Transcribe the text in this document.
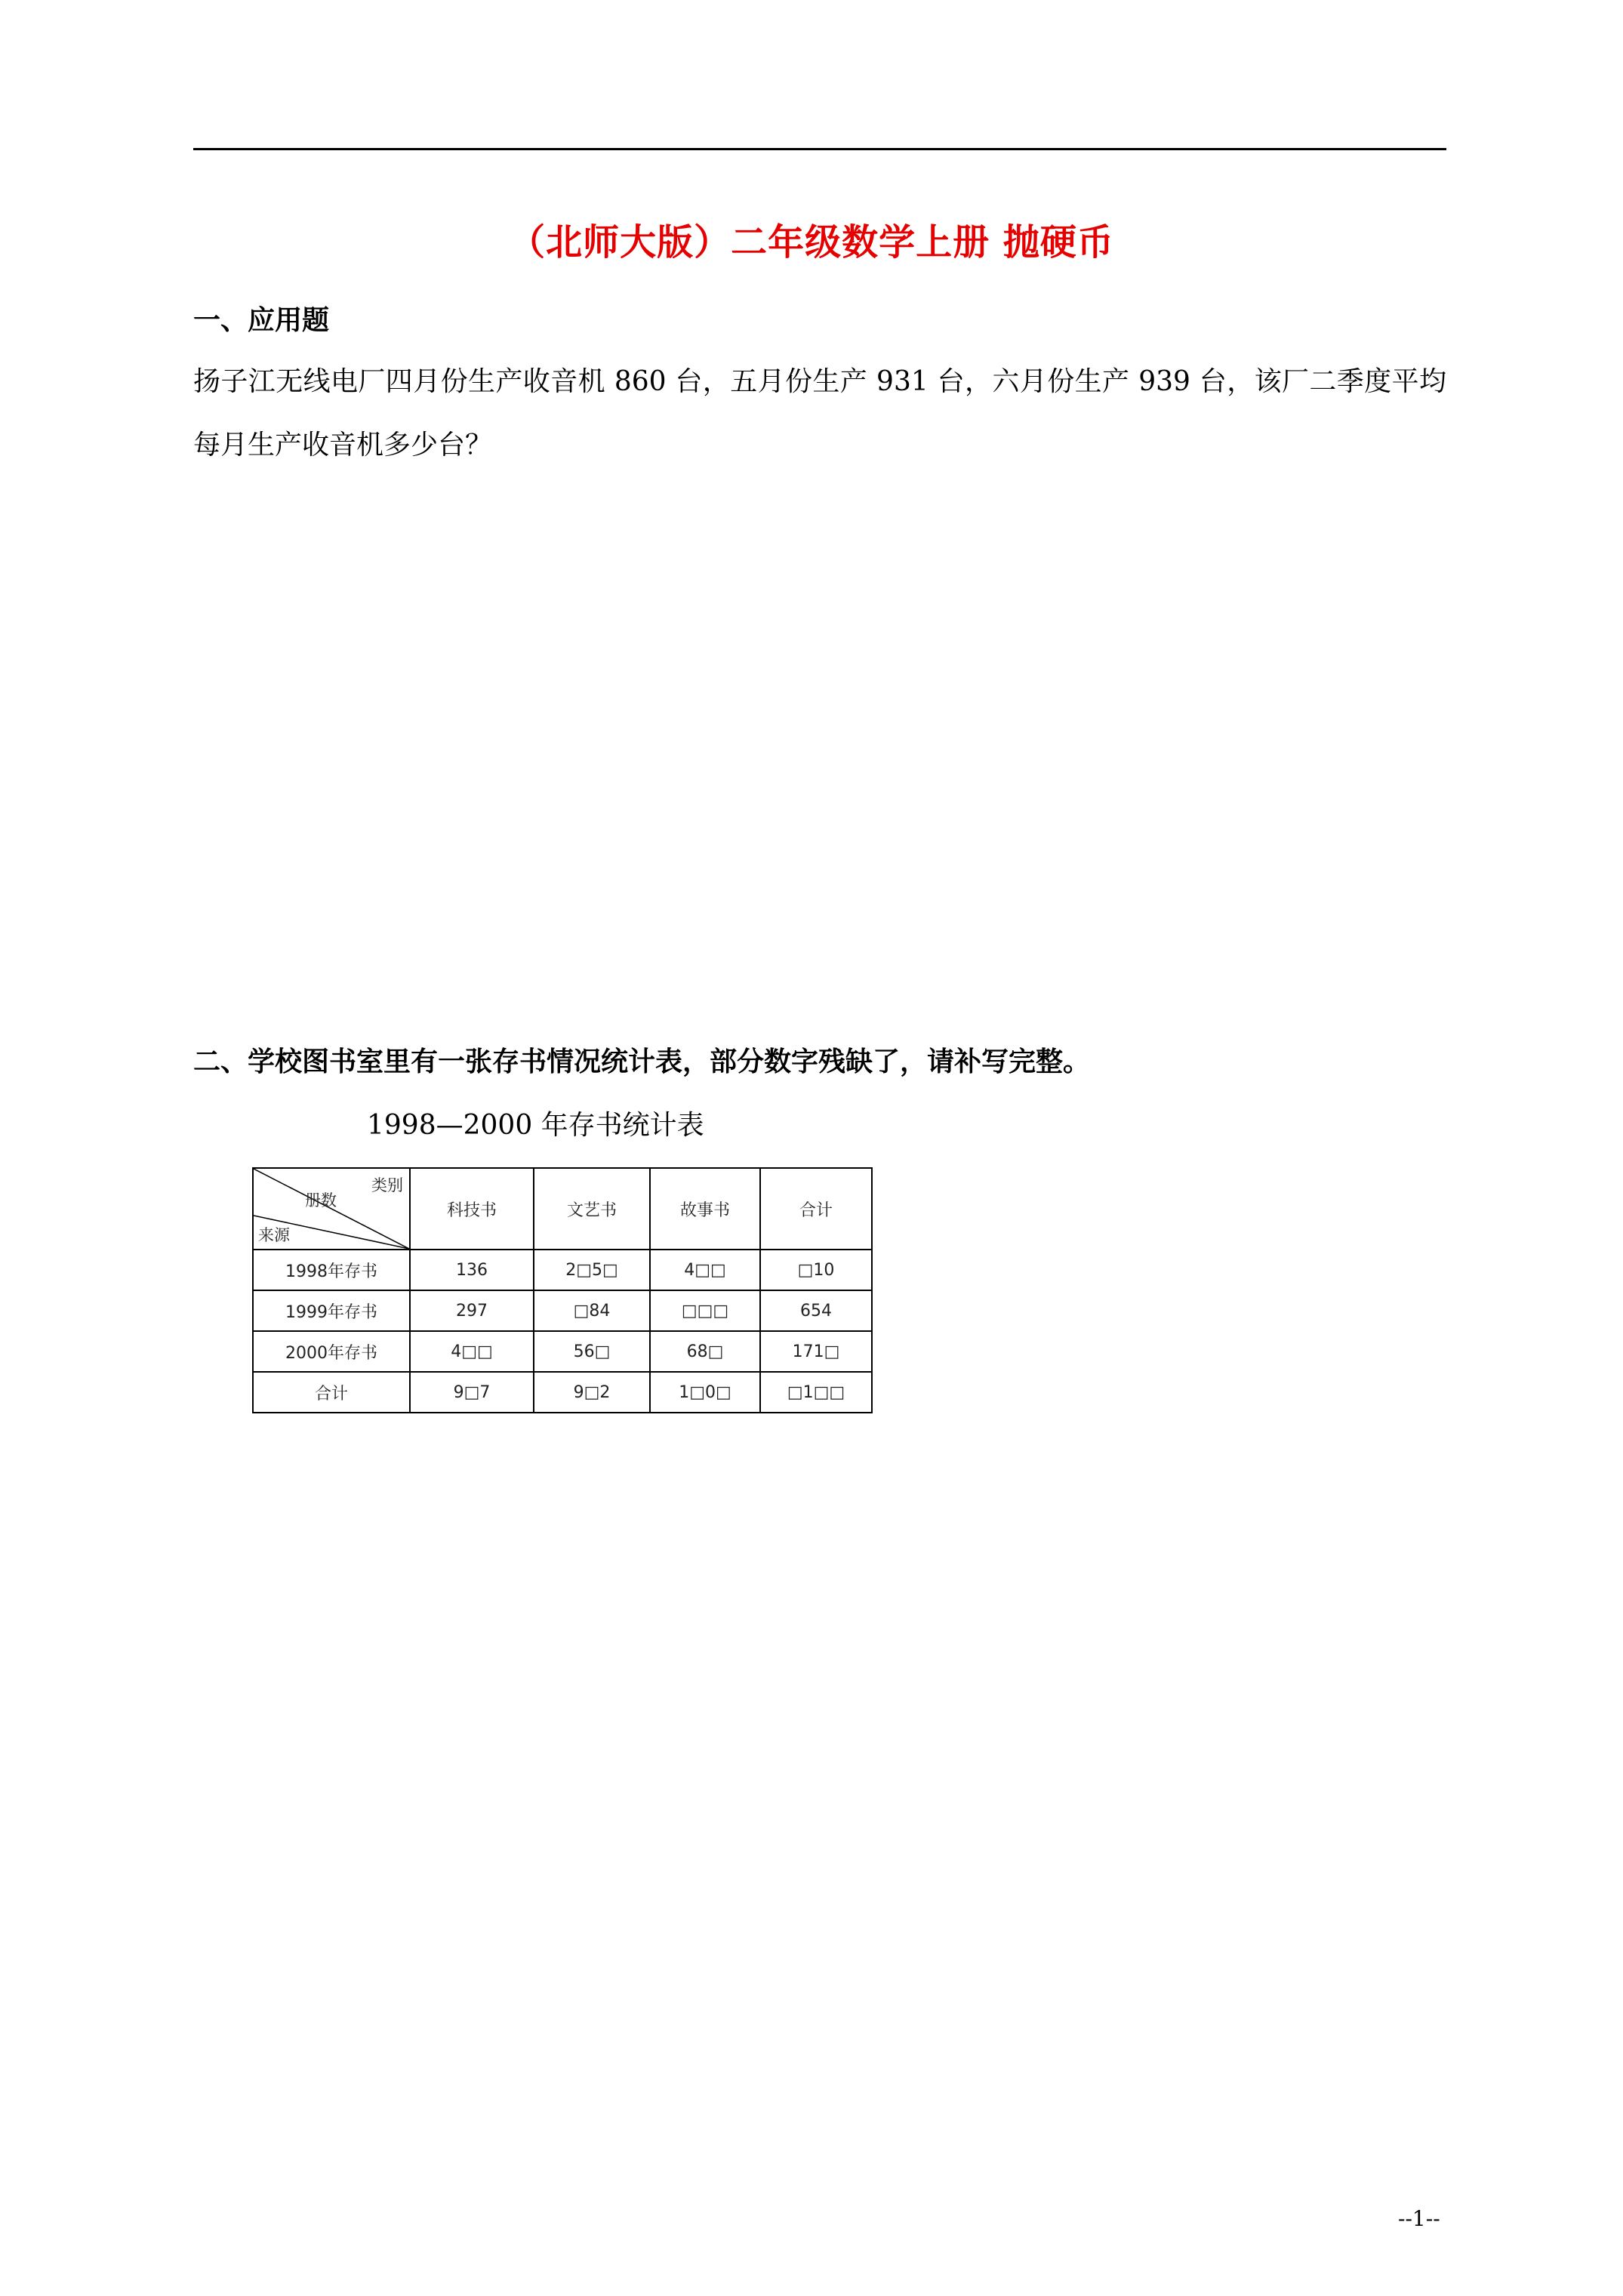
（北师大版）二年级数学上册 抛硬币
一、应用题
扬子江无线电厂四月份生产收音机 860 台，五月份生产 931 台，六月份生产 939 台，该厂二季度平均每月生产收音机多少台？
二、学校图书室里有一张存书情况统计表，部分数字残缺了，请补写完整。
1998—2000 年存书统计表
类别
册数
来源	科技书	文艺书	故事书	合计
1998年存书	136	2□5□	4□□	□10
1999年存书	297	□84	□□□	654
2000年存书	4□□	56□	68□	171□
合计	9□7	9□2	1□0□	□1□□
--1--
